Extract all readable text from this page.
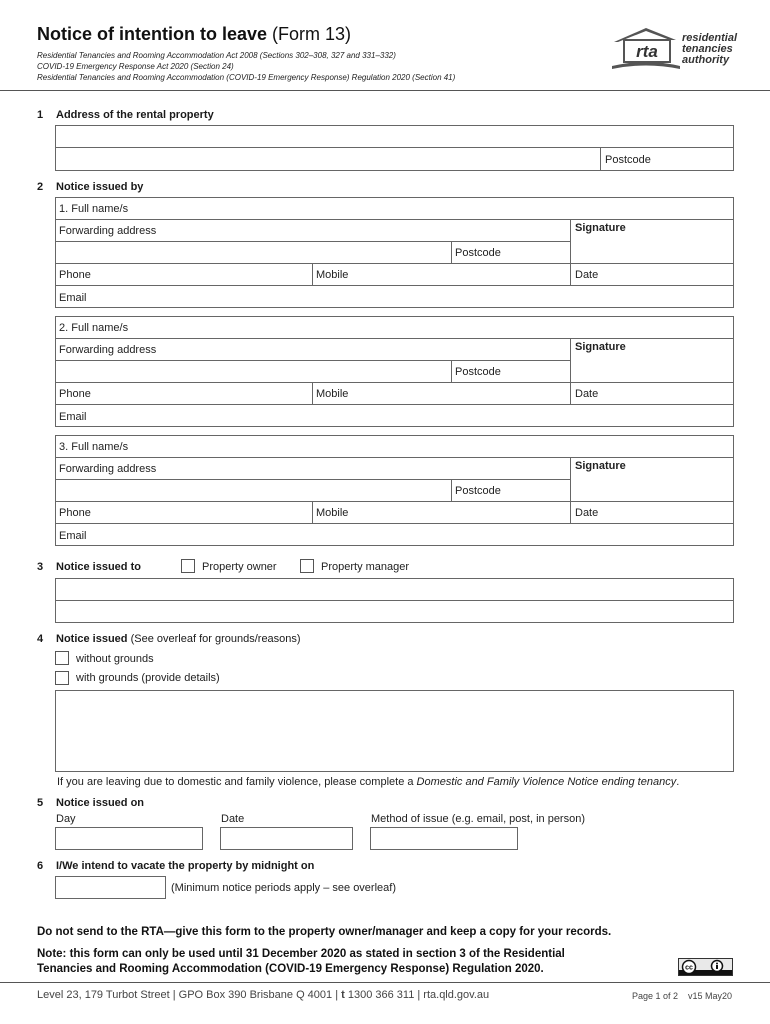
Notice of intention to leave (Form 13)
Residential Tenancies and Rooming Accommodation Act 2008 (Sections 302–308, 327 and 331–332)
COVID-19 Emergency Response Act 2020 (Section 24)
Residential Tenancies and Rooming Accommodation (COVID-19 Emergency Response) Regulation 2020 (Section 41)
rta
residential
tenancies
authority
1 Address of the rental property
Postcode
2 Notice issued by
1. Full name/s
Forwarding address
Postcode
Signature
Phone	Mobile	Date
Email
2. Full name/s
Forwarding address
Postcode
Signature
Phone	Mobile	Date
Email
3. Full name/s
Forwarding address
Postcode
Signature
Phone	Mobile	Date
Email
3 Notice issued to	Property owner	Property manager
4 Notice issued (See overleaf for grounds/reasons)
without grounds
with grounds (provide details)
If you are leaving due to domestic and family violence, please complete a Domestic and Family Violence Notice ending tenancy.
5 Notice issued on
Day	Date	Method of issue (e.g. email, post, in person)
6 I/We intend to vacate the property by midnight on
(Minimum notice periods apply – see overleaf)
Do not send to the RTA—give this form to the property owner/manager and keep a copy for your records.
Note: this form can only be used until 31 December 2020 as stated in section 3 of the Residential
Tenancies and Rooming Accommodation (COVID-19 Emergency Response) Regulation 2020.	cc
Level 23, 179 Turbot Street | GPO Box 390 Brisbane Q 4001 | t 1300 366 311 | rta.qld.gov.au	Page 1 of 2 v15 May20
